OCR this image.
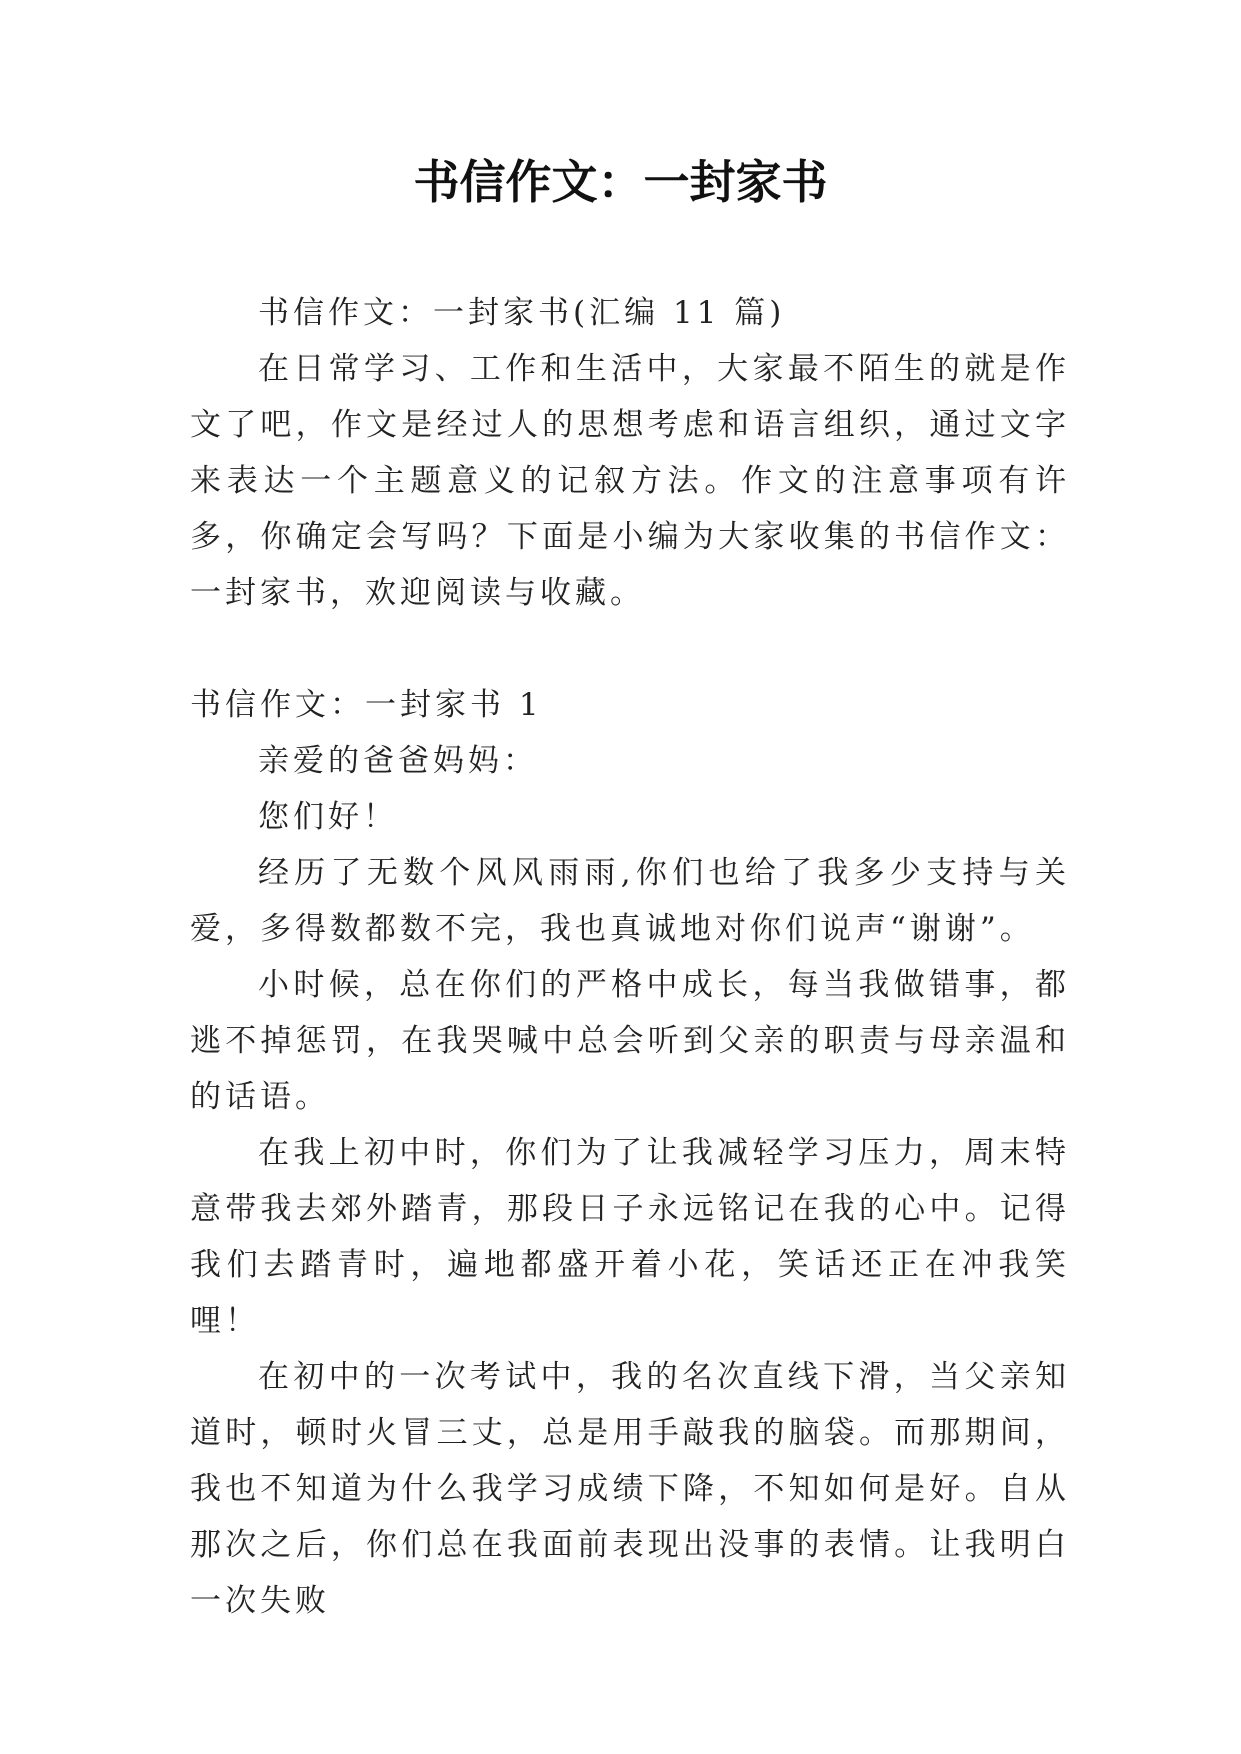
书信作文：一封家书

书信作文：一封家书(汇编 11 篇)

在日常学习、工作和生活中，大家最不陌生的就是作文了吧，作文是经过人的思想考虑和语言组织，通过文字来表达一个主题意义的记叙方法。作文的注意事项有许多，你确定会写吗？下面是小编为大家收集的书信作文：一封家书，欢迎阅读与收藏。

书信作文：一封家书 1

亲爱的爸爸妈妈：

您们好！

经历了无数个风风雨雨,你们也给了我多少支持与关爱，多得数都数不完，我也真诚地对你们说声“谢谢”。

小时候，总在你们的严格中成长，每当我做错事，都逃不掉惩罚，在我哭喊中总会听到父亲的职责与母亲温和的话语。

在我上初中时，你们为了让我减轻学习压力，周末特意带我去郊外踏青，那段日子永远铭记在我的心中。记得我们去踏青时，遍地都盛开着小花，笑话还正在冲我笑哩！

在初中的一次考试中，我的名次直线下滑，当父亲知道时，顿时火冒三丈，总是用手敲我的脑袋。而那期间，我也不知道为什么我学习成绩下降，不知如何是好。自从那次之后，你们总在我面前表现出没事的表情。让我明白一次失败
